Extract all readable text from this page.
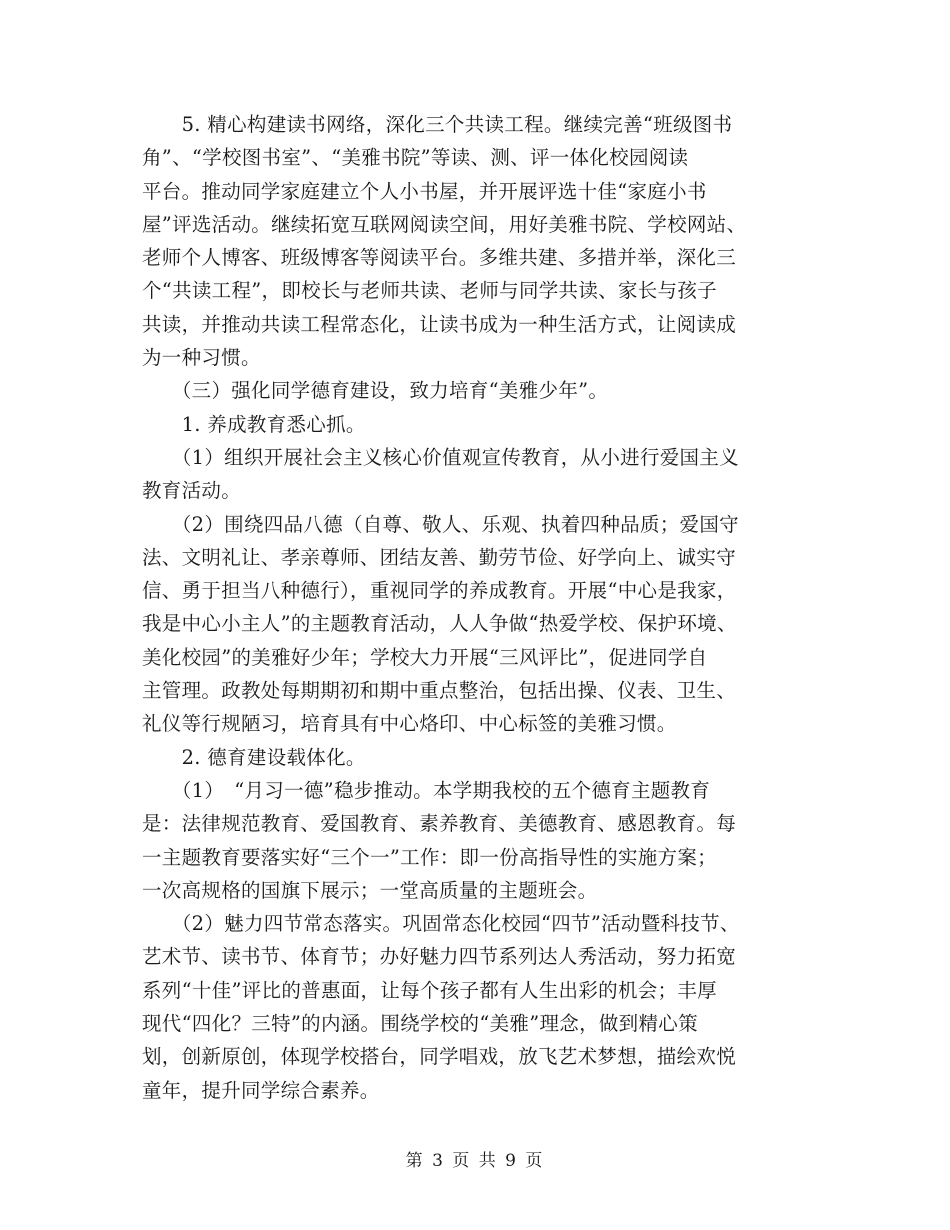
　　5. 精心构建读书网络，深化三个共读工程。继续完善“班级图书
角”、“学校图书室”、“美雅书院”等读、测、评一体化校园阅读
平台。推动同学家庭建立个人小书屋，并开展评选十佳“家庭小书
屋”评选活动。继续拓宽互联网阅读空间，用好美雅书院、学校网站、
老师个人博客、班级博客等阅读平台。多维共建、多措并举，深化三
个“共读工程”，即校长与老师共读、老师与同学共读、家长与孩子
共读，并推动共读工程常态化，让读书成为一种生活方式，让阅读成
为一种习惯。
　　（三）强化同学德育建设，致力培育“美雅少年”。
　　1. 养成教育悉心抓。
　　（1）组织开展社会主义核心价值观宣传教育，从小进行爱国主义
教育活动。
　　（2）围绕四品八德（自尊、敬人、乐观、执着四种品质；爱国守
法、文明礼让、孝亲尊师、团结友善、勤劳节俭、好学向上、诚实守
信、勇于担当八种德行），重视同学的养成教育。开展“中心是我家，
我是中心小主人”的主题教育活动，人人争做“热爱学校、保护环境、
美化校园”的美雅好少年；学校大力开展“三风评比”，促进同学自
主管理。政教处每期期初和期中重点整治，包括出操、仪表、卫生、
礼仪等行规陋习，培育具有中心烙印、中心标签的美雅习惯。
　　2. 德育建设载体化。
　　（1）　“月习一德”稳步推动。本学期我校的五个德育主题教育
是：法律规范教育、爱国教育、素养教育、美德教育、感恩教育。每
一主题教育要落实好“三个一”工作：即一份高指导性的实施方案；
一次高规格的国旗下展示；一堂高质量的主题班会。
　　（2）魅力四节常态落实。巩固常态化校园“四节”活动暨科技节、
艺术节、读书节、体育节；办好魅力四节系列达人秀活动，努力拓宽
系列“十佳”评比的普惠面，让每个孩子都有人生出彩的机会；丰厚
现代“四化？三特”的内涵。围绕学校的“美雅”理念，做到精心策
划，创新原创，体现学校搭台，同学唱戏，放飞艺术梦想，描绘欢悦
童年，提升同学综合素养。
第 3 页 共 9 页
